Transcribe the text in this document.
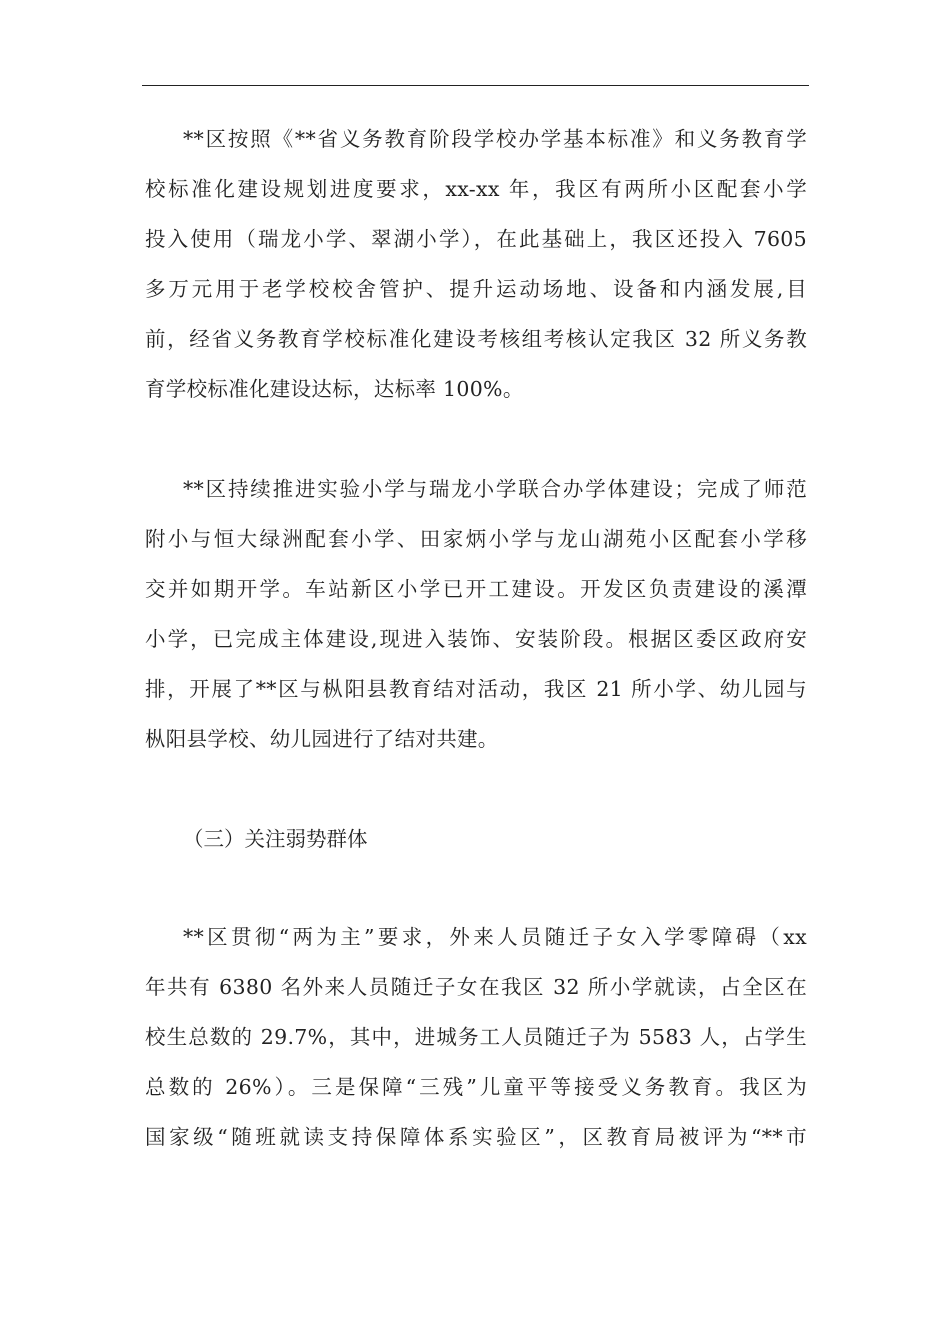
**区按照《**省义务教育阶段学校办学基本标准》和义务教育学
校标准化建设规划进度要求，xx-xx 年，我区有两所小区配套小学
投入使用（瑞龙小学、翠湖小学），在此基础上，我区还投入 7605
多万元用于老学校校舍管护、提升运动场地、设备和内涵发展,目
前，经省义务教育学校标准化建设考核组考核认定我区 32 所义务教
育学校标准化建设达标，达标率 100%。
**区持续推进实验小学与瑞龙小学联合办学体建设；完成了师范
附小与恒大绿洲配套小学、田家炳小学与龙山湖苑小区配套小学移
交并如期开学。车站新区小学已开工建设。开发区负责建设的溪潭
小学，已完成主体建设,现进入装饰、安装阶段。根据区委区政府安
排，开展了**区与枞阳县教育结对活动，我区 21 所小学、幼儿园与
枞阳县学校、幼儿园进行了结对共建。
（三）关注弱势群体
**区贯彻“两为主”要求，外来人员随迁子女入学零障碍（xx
年共有 6380 名外来人员随迁子女在我区 32 所小学就读，占全区在
校生总数的 29.7%，其中，进城务工人员随迁子为 5583 人，占学生
总数的 26%）。三是保障“三残”儿童平等接受义务教育。我区为
国家级“随班就读支持保障体系实验区”，区教育局被评为“**市
